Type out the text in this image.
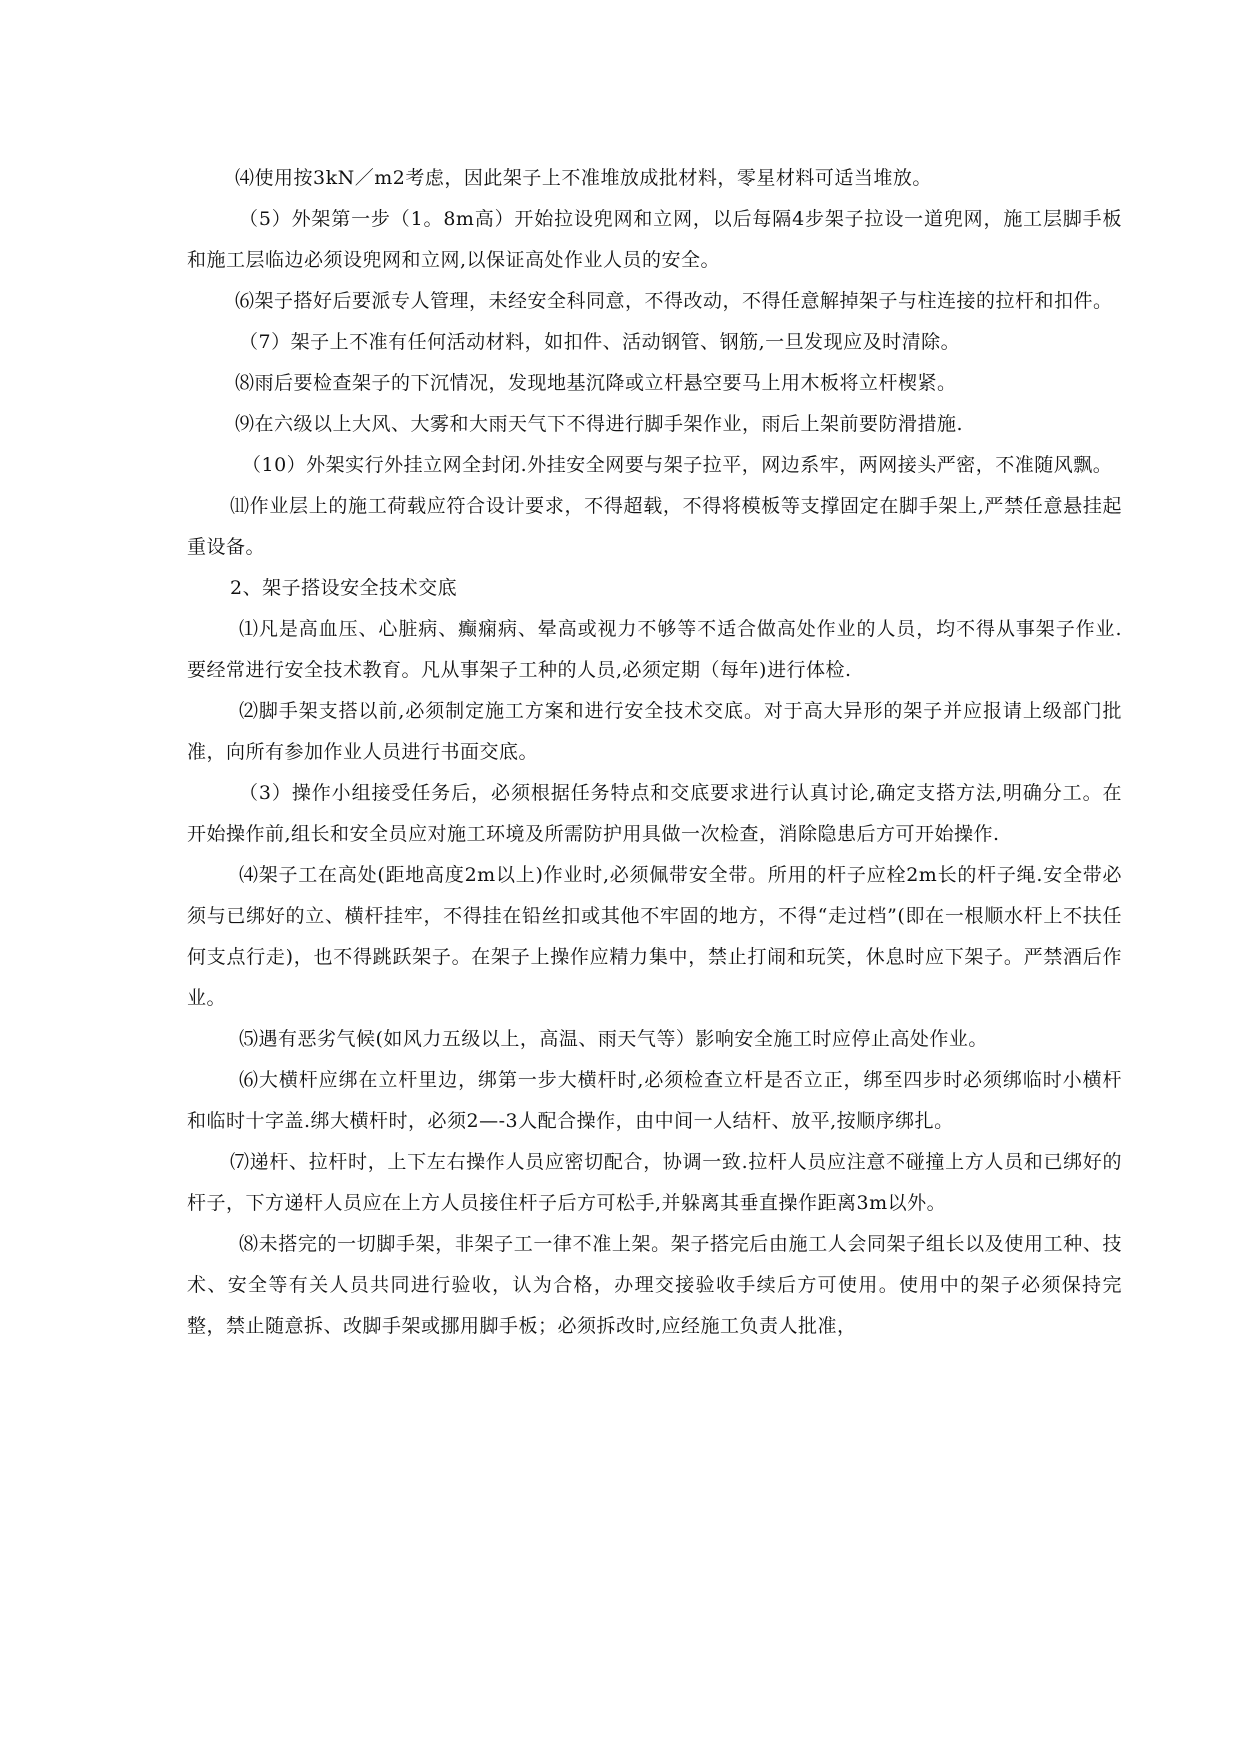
⑷使用按3kN／m2考虑，因此架子上不准堆放成批材料，零星材料可适当堆放。

（5）外架第一步（1。8m高）开始拉设兜网和立网，以后每隔4步架子拉设一道兜网，施工层脚手板和施工层临边必须设兜网和立网,以保证高处作业人员的安全。

⑹架子搭好后要派专人管理，未经安全科同意，不得改动，不得任意解掉架子与柱连接的拉杆和扣件。

（7）架子上不准有任何活动材料，如扣件、活动钢管、钢筋,一旦发现应及时清除。

⑻雨后要检查架子的下沉情况，发现地基沉降或立杆悬空要马上用木板将立杆楔紧。

⑼在六级以上大风、大雾和大雨天气下不得进行脚手架作业，雨后上架前要防滑措施.

（10）外架实行外挂立网全封闭.外挂安全网要与架子拉平，网边系牢，两网接头严密，不准随风飘。

⑾作业层上的施工荷载应符合设计要求，不得超载，不得将模板等支撑固定在脚手架上,严禁任意悬挂起重设备。

2、架子搭设安全技术交底

⑴凡是高血压、心脏病、癫痫病、晕高或视力不够等不适合做高处作业的人员，均不得从事架子作业.要经常进行安全技术教育。凡从事架子工种的人员,必须定期（每年)进行体检.

⑵脚手架支搭以前,必须制定施工方案和进行安全技术交底。对于高大异形的架子并应报请上级部门批准，向所有参加作业人员进行书面交底。

（3）操作小组接受任务后，必须根据任务特点和交底要求进行认真讨论,确定支搭方法,明确分工。在开始操作前,组长和安全员应对施工环境及所需防护用具做一次检查，消除隐患后方可开始操作.

⑷架子工在高处(距地高度2m以上)作业时,必须佩带安全带。所用的杆子应栓2m长的杆子绳.安全带必须与已绑好的立、横杆挂牢，不得挂在铅丝扣或其他不牢固的地方，不得“走过档”(即在一根顺水杆上不扶任何支点行走)，也不得跳跃架子。在架子上操作应精力集中，禁止打闹和玩笑，休息时应下架子。严禁酒后作业。

⑸遇有恶劣气候(如风力五级以上，高温、雨天气等）影响安全施工时应停止高处作业。

⑹大横杆应绑在立杆里边，绑第一步大横杆时,必须检查立杆是否立正，绑至四步时必须绑临时小横杆和临时十字盖.绑大横杆时，必须2—-3人配合操作，由中间一人结杆、放平,按顺序绑扎。

⑺递杆、拉杆时，上下左右操作人员应密切配合，协调一致.拉杆人员应注意不碰撞上方人员和已绑好的杆子，下方递杆人员应在上方人员接住杆子后方可松手,并躲离其垂直操作距离3m以外。

⑻未搭完的一切脚手架，非架子工一律不准上架。架子搭完后由施工人会同架子组长以及使用工种、技术、安全等有关人员共同进行验收，认为合格，办理交接验收手续后方可使用。使用中的架子必须保持完整，禁止随意拆、改脚手架或挪用脚手板；必须拆改时,应经施工负责人批准，
